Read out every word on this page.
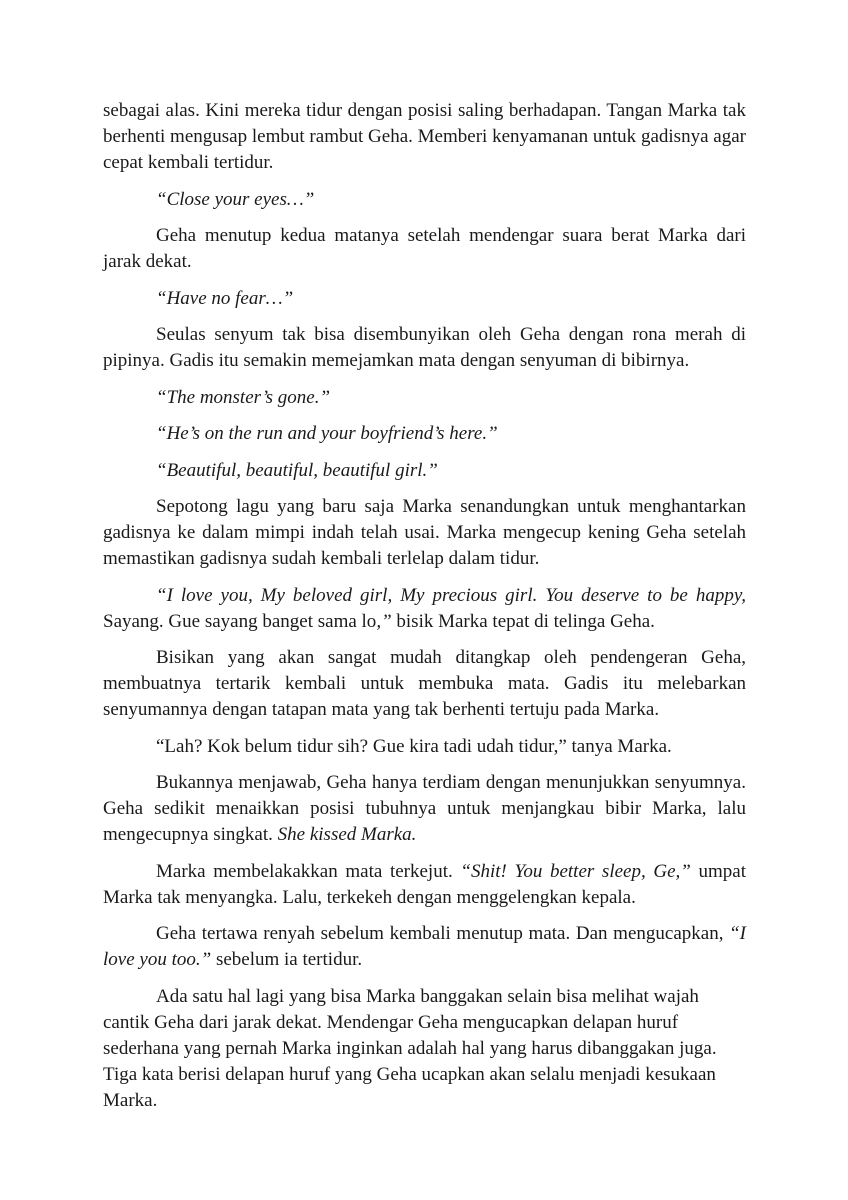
sebagai alas. Kini mereka tidur dengan posisi saling berhadapan. Tangan Marka tak berhenti mengusap lembut rambut Geha. Memberi kenyamanan untuk gadisnya agar cepat kembali tertidur.

“Close your eyes…”

Geha menutup kedua matanya setelah mendengar suara berat Marka dari jarak dekat.

“Have no fear…”

Seulas senyum tak bisa disembunyikan oleh Geha dengan rona merah di pipinya. Gadis itu semakin memejamkan mata dengan senyuman di bibirnya.

“The monster’s gone.”

“He’s on the run and your boyfriend’s here.”

“Beautiful, beautiful, beautiful girl.”

Sepotong lagu yang baru saja Marka senandungkan untuk menghantarkan gadisnya ke dalam mimpi indah telah usai. Marka mengecup kening Geha setelah memastikan gadisnya sudah kembali terlelap dalam tidur.

“I love you, My beloved girl, My precious girl. You deserve to be happy, Sayang. Gue sayang banget sama lo,” bisik Marka tepat di telinga Geha.

Bisikan yang akan sangat mudah ditangkap oleh pendengeran Geha, membuatnya tertarik kembali untuk membuka mata. Gadis itu melebarkan senyumannya dengan tatapan mata yang tak berhenti tertuju pada Marka.

“Lah? Kok belum tidur sih? Gue kira tadi udah tidur,” tanya Marka.

Bukannya menjawab, Geha hanya terdiam dengan menunjukkan senyumnya. Geha sedikit menaikkan posisi tubuhnya untuk menjangkau bibir Marka, lalu mengecupnya singkat. She kissed Marka.

Marka membelakakkan mata terkejut. “Shit! You better sleep, Ge,” umpat Marka tak menyangka. Lalu, terkekeh dengan menggelengkan kepala.

Geha tertawa renyah sebelum kembali menutup mata. Dan mengucapkan, “I love you too.” sebelum ia tertidur.

Ada satu hal lagi yang bisa Marka banggakan selain bisa melihat wajah cantik Geha dari jarak dekat. Mendengar Geha mengucapkan delapan huruf sederhana yang pernah Marka inginkan adalah hal yang harus dibanggakan juga. Tiga kata berisi delapan huruf yang Geha ucapkan akan selalu menjadi kesukaan Marka.
